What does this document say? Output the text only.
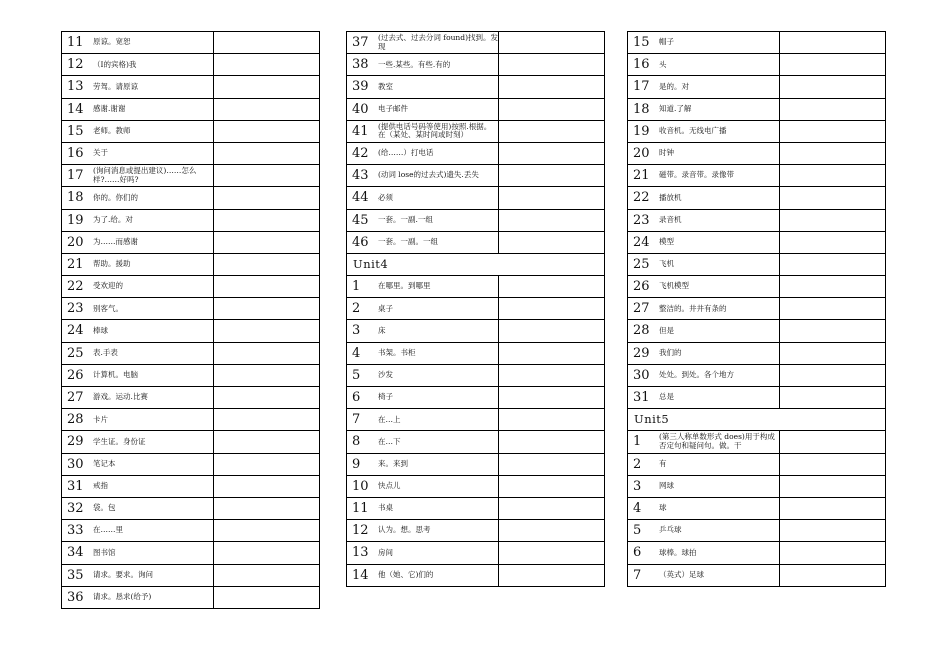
11	原谅。宽恕
12	（I的宾格)我
13	劳驾。请原谅
14	感谢.谢谢
15	老师。教师
16	关于
17	(询问消息或提出建议)……怎么样?……好吗?
18	你的。你们的
19	为了.给。对
20	为……而感谢
21	帮助。援助
22	受欢迎的
23	别客气。
24	棒球
25	表.手表
26	计算机。电脑
27	游戏。运动.比赛
28	卡片
29	学生证。身份证
30	笔记本
31	戒指
32	袋。包
33	在……里
34	图书馆
35	请求。要求。询问
36	请求。恳求(给予)
37	(过去式、过去分词 found)找到。发现
38	一些.某些。有些.有的
39	教室
40	电子邮件
41	(提供电话号码等使用)按照.根据。在（某处、某时间或时刻）
42	(给……）打电话
43	(动词 lose的过去式)遗失.丢失
44	必须
45	一套。一副.一组
46	一套。一副。一组
Unit4
1	在哪里。到哪里
2	桌子
3	床
4	书架。书柜
5	沙发
6	椅子
7	在…上
8	在…下
9	来。来到
10	快点儿
11	书桌
12	认为。想。思考
13	房间
14	他（她、它)们的
15	帽子
16	头
17	是的。对
18	知道.了解
19	收音机。无线电广播
20	时钟
21	磁带。录音带。录像带
22	播放机
23	录音机
24	模型
25	飞机
26	飞机模型
27	整洁的。井井有条的
28	但是
29	我们的
30	处处。到处。各个地方
31	总是
Unit5
1	(第三人称单数形式 does)用于构成否定句和疑问句。做。干
2	有
3	网球
4	球
5	乒乓球
6	球棒。球拍
7	（英式）足球
